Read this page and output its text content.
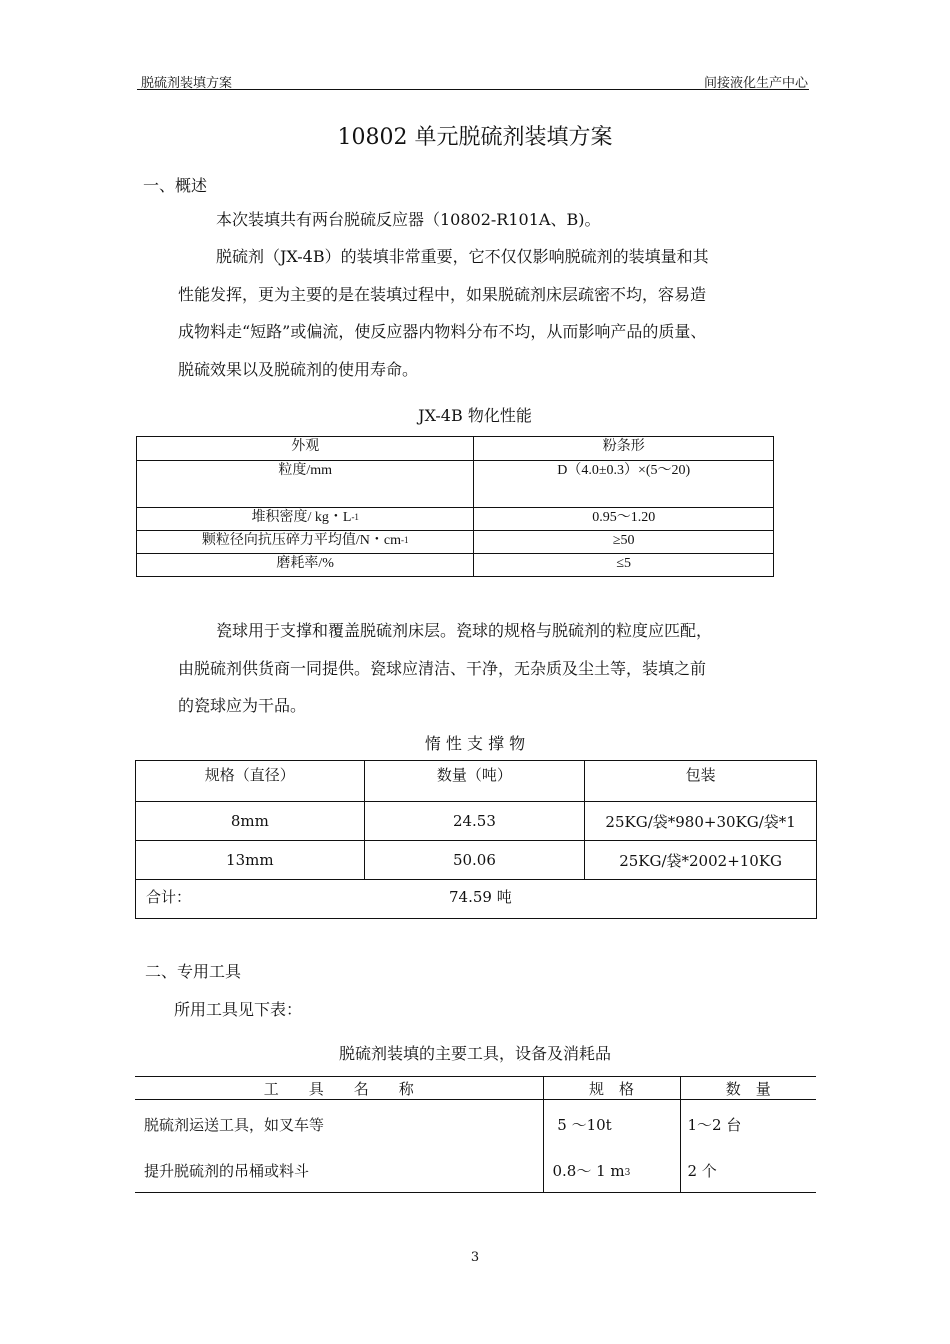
脱硫剂装填方案	间接液化生产中心
10802 单元脱硫剂装填方案
一、概述
本次装填共有两台脱硫反应器（10802-R101A、B)。
脱硫剂（JX-4B）的装填非常重要，它不仅仅影响脱硫剂的装填量和其
性能发挥，更为主要的是在装填过程中，如果脱硫剂床层疏密不均，容易造
成物料走“短路”或偏流，使反应器内物料分布不均，从而影响产品的质量、
脱硫效果以及脱硫剂的使用寿命。
JX-4B 物化性能
外观	粉条形
粒度/mm	D（4.0±0.3）×(5～20)
堆积密度/ kg・L-1	0.95～1.20
颗粒径向抗压碎力平均值/N・cm-1	≥50
磨耗率/%	≤5
瓷球用于支撑和覆盖脱硫剂床层。瓷球的规格与脱硫剂的粒度应匹配，
由脱硫剂供货商一同提供。瓷球应清洁、干净，无杂质及尘土等，装填之前
的瓷球应为干品。
惰 性 支 撑 物
规格（直径）	数量（吨）	包装
8mm	24.53	25KG/袋*980+30KG/袋*1
13mm	50.06	25KG/袋*2002+10KG

合计： 74.59 吨		
二、专用工具
所用工具见下表：
脱硫剂装填的主要工具，设备及消耗品
工　　具　　名　　称	规　格	数　量
脱硫剂运送工具，如叉车等	5 ～10t	1～2 台
提升脱硫剂的吊桶或料斗	0.8～ 1 m3	2 个
3
